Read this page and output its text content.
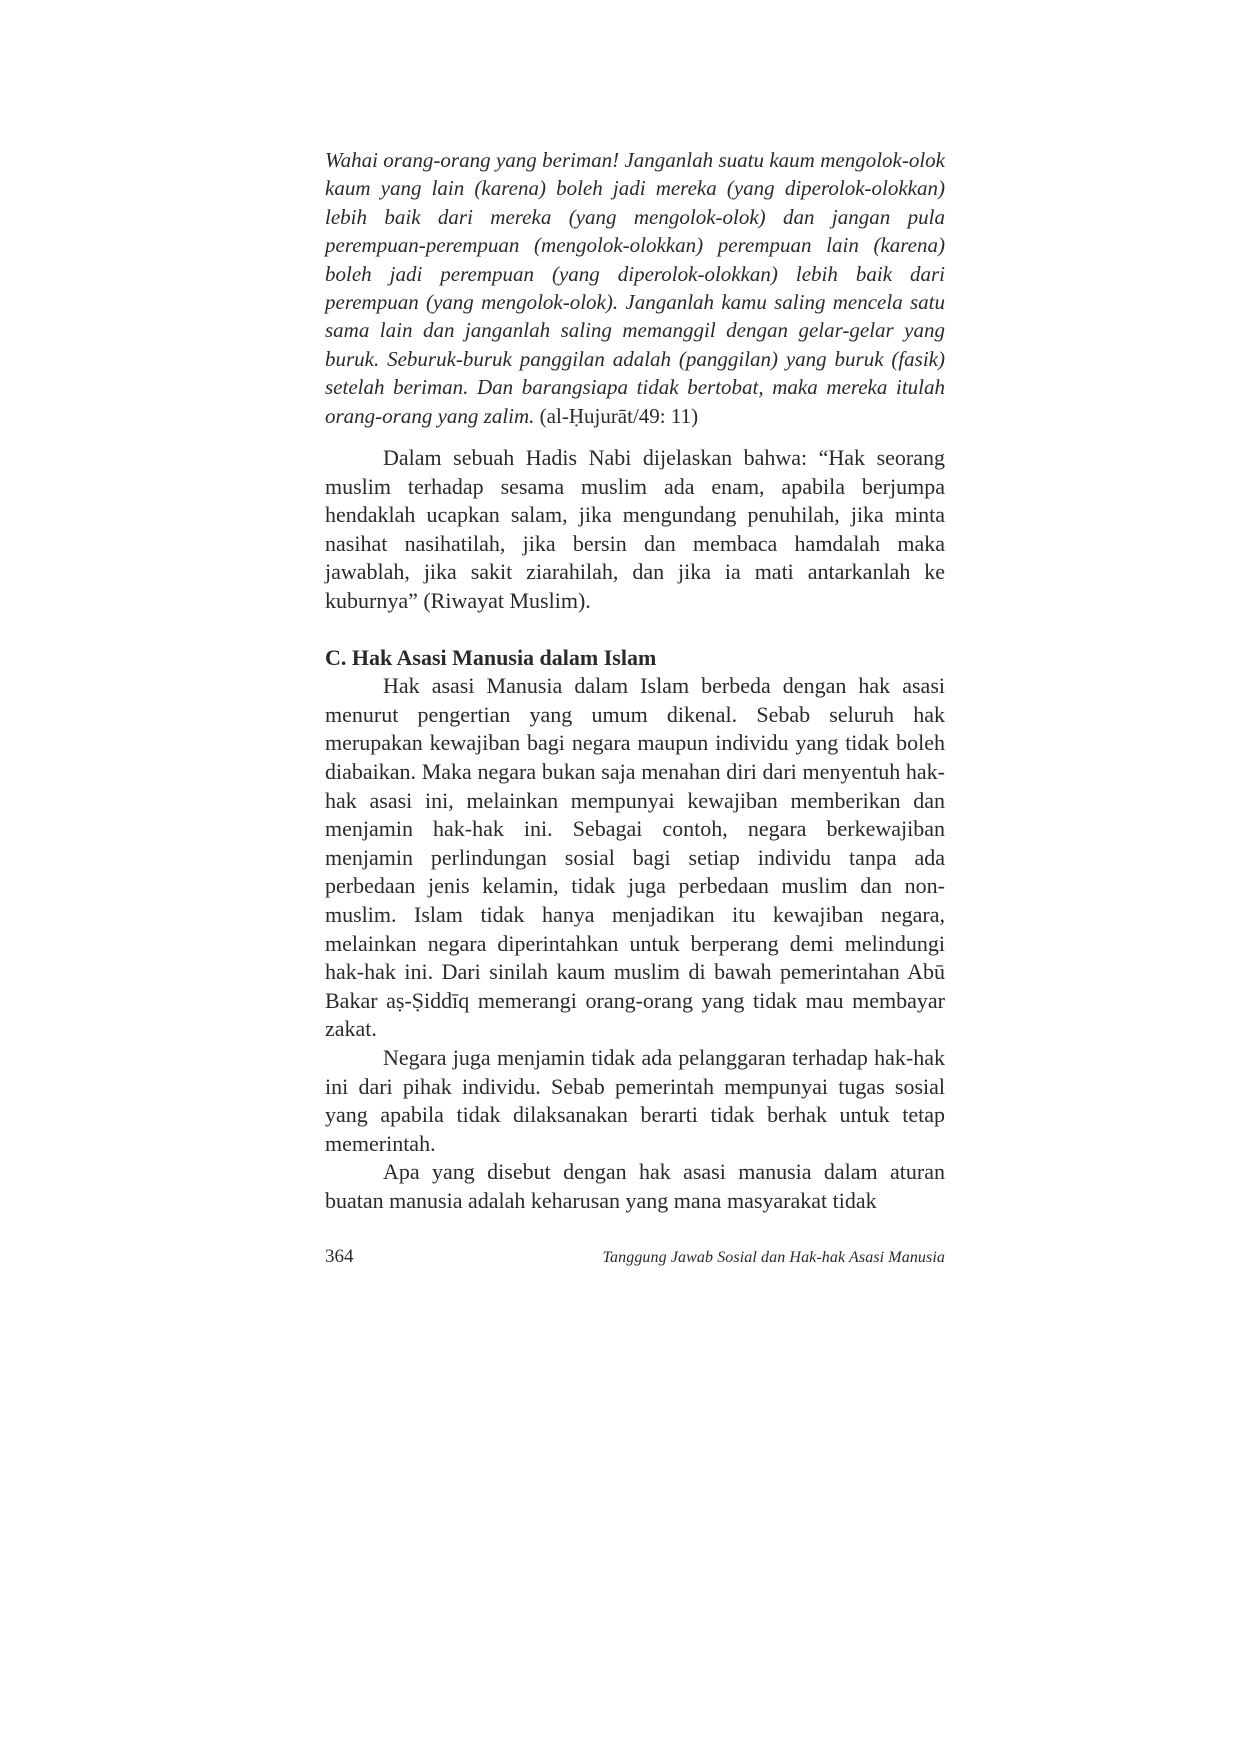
Wahai orang-orang yang beriman! Janganlah suatu kaum mengolok-olok kaum yang lain (karena) boleh jadi mereka (yang diperolok-olokkan) lebih baik dari mereka (yang mengolok-olok) dan jangan pula perempuan-perempuan (mengolok-olokkan) perempuan lain (karena) boleh jadi perempuan (yang diperolok-olokkan) lebih baik dari perempuan (yang mengolok-olok). Janganlah kamu saling mencela satu sama lain dan janganlah saling memanggil dengan gelar-gelar yang buruk. Seburuk-buruk panggilan adalah (panggilan) yang buruk (fasik) setelah beriman. Dan barangsiapa tidak bertobat, maka mereka itulah orang-orang yang zalim. (al-Ḥujurāt/49: 11)

Dalam sebuah Hadis Nabi dijelaskan bahwa: “Hak seorang muslim terhadap sesama muslim ada enam, apabila berjumpa hendaklah ucapkan salam, jika mengundang penuhilah, jika minta nasihat nasihatilah, jika bersin dan membaca hamdalah maka jawablah, jika sakit ziarahilah, dan jika ia mati antarkanlah ke kuburnya” (Riwayat Muslim).

C. Hak Asasi Manusia dalam Islam

Hak asasi Manusia dalam Islam berbeda dengan hak asasi menurut pengertian yang umum dikenal. Sebab seluruh hak merupakan kewajiban bagi negara maupun individu yang tidak boleh diabaikan. Maka negara bukan saja menahan diri dari menyentuh hak-hak asasi ini, melainkan mempunyai kewajiban memberikan dan menjamin hak-hak ini. Sebagai contoh, negara berkewajiban menjamin perlindungan sosial bagi setiap individu tanpa ada perbedaan jenis kelamin, tidak juga perbedaan muslim dan non-muslim. Islam tidak hanya menjadikan itu kewajiban negara, melainkan negara diperintahkan untuk berperang demi melindungi hak-hak ini. Dari sinilah kaum muslim di bawah pemerintahan Abū Bakar aṣ-Ṣiddīq memerangi orang-orang yang tidak mau membayar zakat.

Negara juga menjamin tidak ada pelanggaran terhadap hak-hak ini dari pihak individu. Sebab pemerintah mempunyai tugas sosial yang apabila tidak dilaksanakan berarti tidak berhak untuk tetap memerintah.

Apa yang disebut dengan hak asasi manusia dalam aturan buatan manusia adalah keharusan yang mana masyarakat tidak

364	Tanggung Jawab Sosial dan Hak-hak Asasi Manusia
